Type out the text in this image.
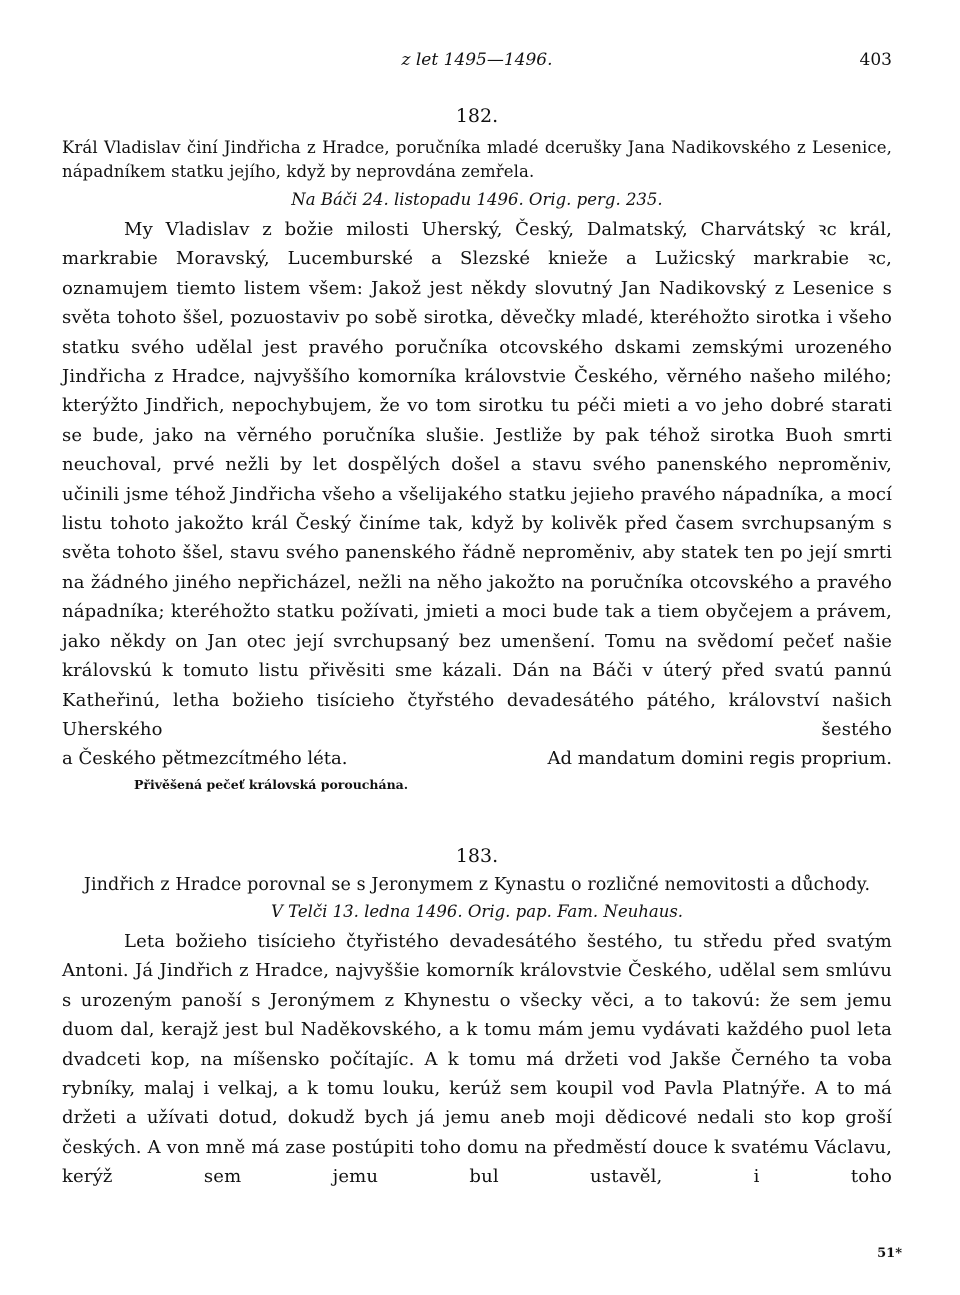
z let 1495—1496.	403

182.

Král Vladislav činí Jindřicha z Hradce, poručníka mladé dcerušky Jana Nadikovského z Lesenice, nápadníkem statku jejího, když by neprovdána zemřela.

Na Báči 24. listopadu 1496. Orig. perg. 235.

My Vladislav z božie milosti Uherský, Český, Dalmatský, Charvátský ꝛc král, markrabie Moravský, Lucemburské a Slezské knieže a Lužicský markrabie ꝛc, oznamujem tiemto listem všem: Jakož jest někdy slovutný Jan Nadikovský z Lesenice s světa tohoto ššel, pozuostaviv po sobě sirotka, děvečky mladé, kteréhožto sirotka i všeho statku svého udělal jest pravého poručníka otcovského dskami zemskými urozeného Jindřicha z Hradce, najvyššího komorníka královstvie Českého, věrného našeho milého; kterýžto Jindřich, nepochybujem, že vo tom sirotku tu péči mieti a vo jeho dobré starati se bude, jako na věrného poručníka slušie. Jestliže by pak téhož sirotka Buoh smrti neuchoval, prvé nežli by let dospělých došel a stavu svého panenského neproměniv, učinili jsme téhož Jindřicha všeho a všelijakého statku jejieho pravého nápadníka, a mocí listu tohoto jakožto král Český činíme tak, když by kolivěk před časem svrchupsaným s světa tohoto ššel, stavu svého panenského řádně neproměniv, aby statek ten po její smrti na žádného jiného nepřicházel, nežli na něho jakožto na poručníka otcovského a pravého nápadníka; kteréhožto statku požívati, jmieti a moci bude tak a tiem obyčejem a právem, jako někdy on Jan otec její svrchupsaný bez umenšení. Tomu na svědomí pečeť našie královskú k tomuto listu přivěsiti sme kázali. Dán na Báči v úterý před svatú pannú Katheřinú, letha božieho tisícieho čtyřstého devadesátého pátého, království našich Uherského šestého

a Českého pětmezcítmého léta.	Ad mandatum domini regis proprium.

Přivěšená pečeť královská porouchána.

183.

Jindřich z Hradce porovnal se s Jeronymem z Kynastu o rozličné nemovitosti a důchody.

V Telči 13. ledna 1496. Orig. pap. Fam. Neuhaus.

Leta božieho tisícieho čtyřistého devadesátého šestého, tu středu před svatým Antoni. Já Jindřich z Hradce, najvyššie komorník královstvie Českého, udělal sem smlúvu s urozeným panoší s Jeronýmem z Khynestu o všecky věci, a to takovú: že sem jemu duom dal, kerajž jest bul Naděkovského, a k tomu mám jemu vydávati každého puol leta dvadceti kop, na míšensko počítajíc. A k tomu má držeti vod Jakše Černého ta voba rybníky, malaj i velkaj, a k tomu louku, kerúž sem koupil vod Pavla Platnýře. A to má držeti a užívati dotud, dokudž bych já jemu aneb moji dědicové nedali sto kop groší českých. A von mně má zase postúpiti toho domu na předměstí douce k svatému Václavu, kerýž sem jemu bul ustavěl, i toho

51*
